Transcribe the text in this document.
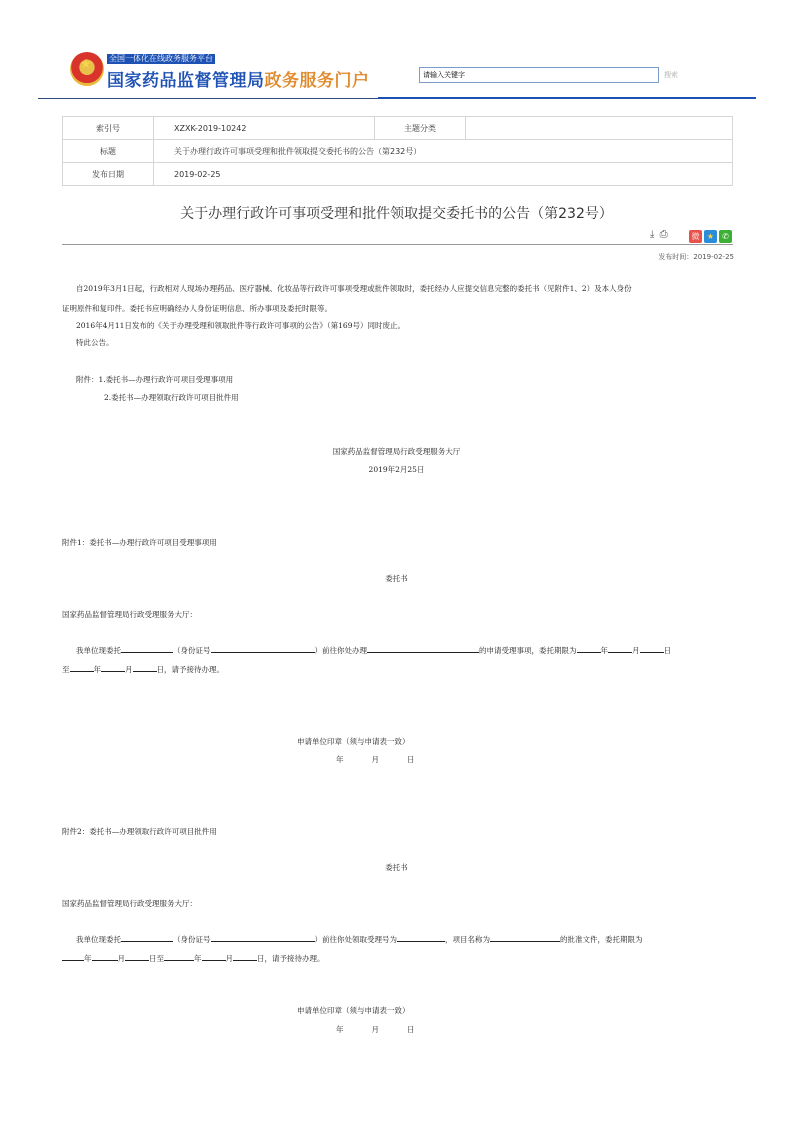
★
全国一体化在线政务服务平台
国家药品监督管理局政务服务门户
请输入关键字	搜索
索引号	XZXK-2019-10242	主题分类	
标题	关于办理行政许可事项受理和批件领取提交委托书的公告（第232号）		
发布日期	2019-02-25		
关于办理行政许可事项受理和批件领取提交委托书的公告（第232号）
⤓ ⎙	微 ★	✆
发布时间：2019-02-25
自2019年3月1日起，行政相对人现场办理药品、医疗器械、化妆品等行政许可事项受理或批件领取时，委托经办人应提交信息完整的委托书（见附件1、2）及本人身份
证明原件和复印件。委托书应明确经办人身份证明信息、所办事项及委托时限等。
2016年4月11日发布的《关于办理受理和领取批件等行政许可事项的公告》（第169号）同时废止。
特此公告。
附件：1.委托书—办理行政许可项目受理事项用
2.委托书—办理领取行政许可项目批件用
国家药品监督管理局行政受理服务大厅
2019年2月25日
附件1：委托书—办理行政许可项目受理事项用
委托书
国家药品监督管理局行政受理服务大厅：
我单位现委托	（身份证号	）前往你处办理	的申请受理事项，委托期限为	年	月	日
至	年	月	日，请予接待办理。
申请单位印章（须与申请表一致）
年	月	日
附件2：委托书—办理领取行政许可项目批件用
委托书
国家药品监督管理局行政受理服务大厅：
我单位现委托	（身份证号	）前往你处领取受理号为	，项目名称为	的批准文件，委托期限为
年	月	日至	年	月	日，请予接待办理。
申请单位印章（须与申请表一致）
年	月	日
